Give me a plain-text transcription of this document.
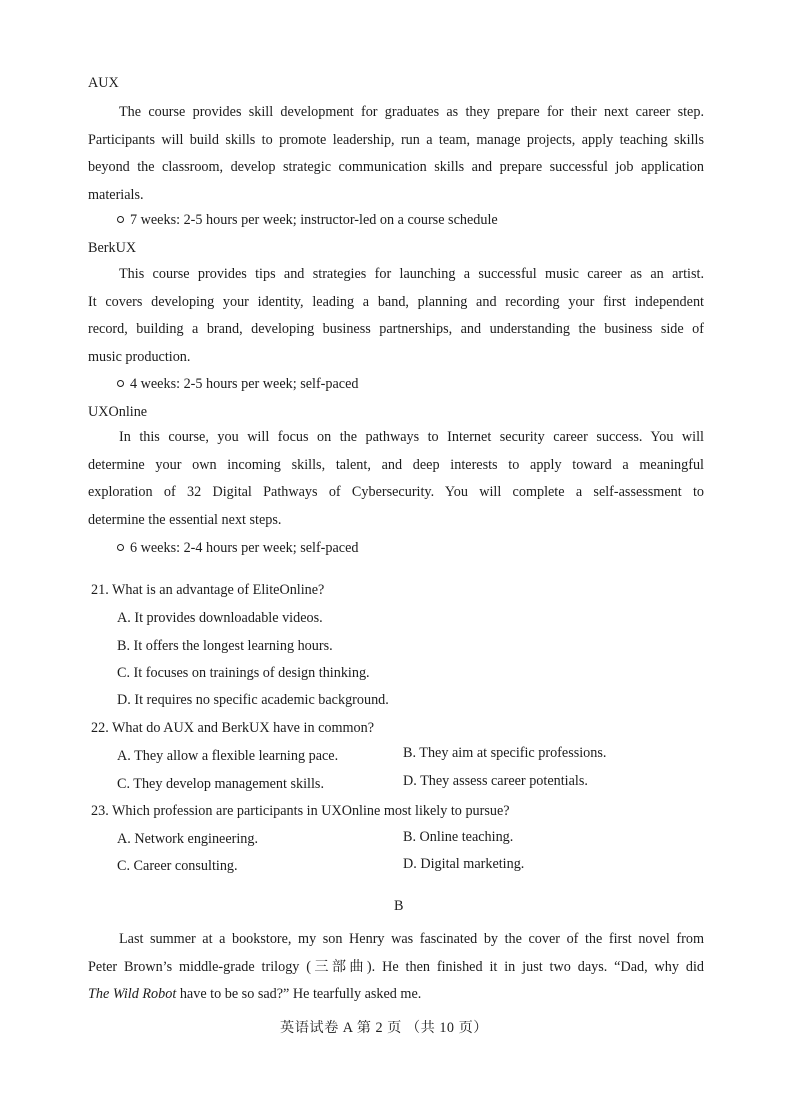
AUX
The course provides skill development for graduates as they prepare for their next career step.
Participants will build skills to promote leadership, run a team, manage projects, apply teaching skills
beyond the classroom, develop strategic communication skills and prepare successful job application
materials.
7 weeks: 2-5 hours per week; instructor-led on a course schedule
BerkUX
This course provides tips and strategies for launching a successful music career as an artist.
It covers developing your identity, leading a band, planning and recording your first independent
record, building a brand, developing business partnerships, and understanding the business side of
music production.
4 weeks: 2-5 hours per week; self-paced
UXOnline
In this course, you will focus on the pathways to Internet security career success. You will
determine your own incoming skills, talent, and deep interests to apply toward a meaningful
exploration of 32 Digital Pathways of Cybersecurity. You will complete a self-assessment to
determine the essential next steps.
6 weeks: 2-4 hours per week; self-paced
21. What is an advantage of EliteOnline?
A. It provides downloadable videos.
B. It offers the longest learning hours.
C. It focuses on trainings of design thinking.
D. It requires no specific academic background.
22. What do AUX and BerkUX have in common?
A. They allow a flexible learning pace.	B. They aim at specific professions.
C. They develop management skills.	D. They assess career potentials.
23. Which profession are participants in UXOnline most likely to pursue?
A. Network engineering.	B. Online teaching.
C. Career consulting.	D. Digital marketing.
B
Last summer at a bookstore, my son Henry was fascinated by the cover of the first novel from
Peter Brown’s middle-grade trilogy (三部曲). He then finished it in just two days. “Dad, why did
The Wild Robot have to be so sad?” He tearfully asked me.
英语试卷 A 第 2 页 （共 10 页）
